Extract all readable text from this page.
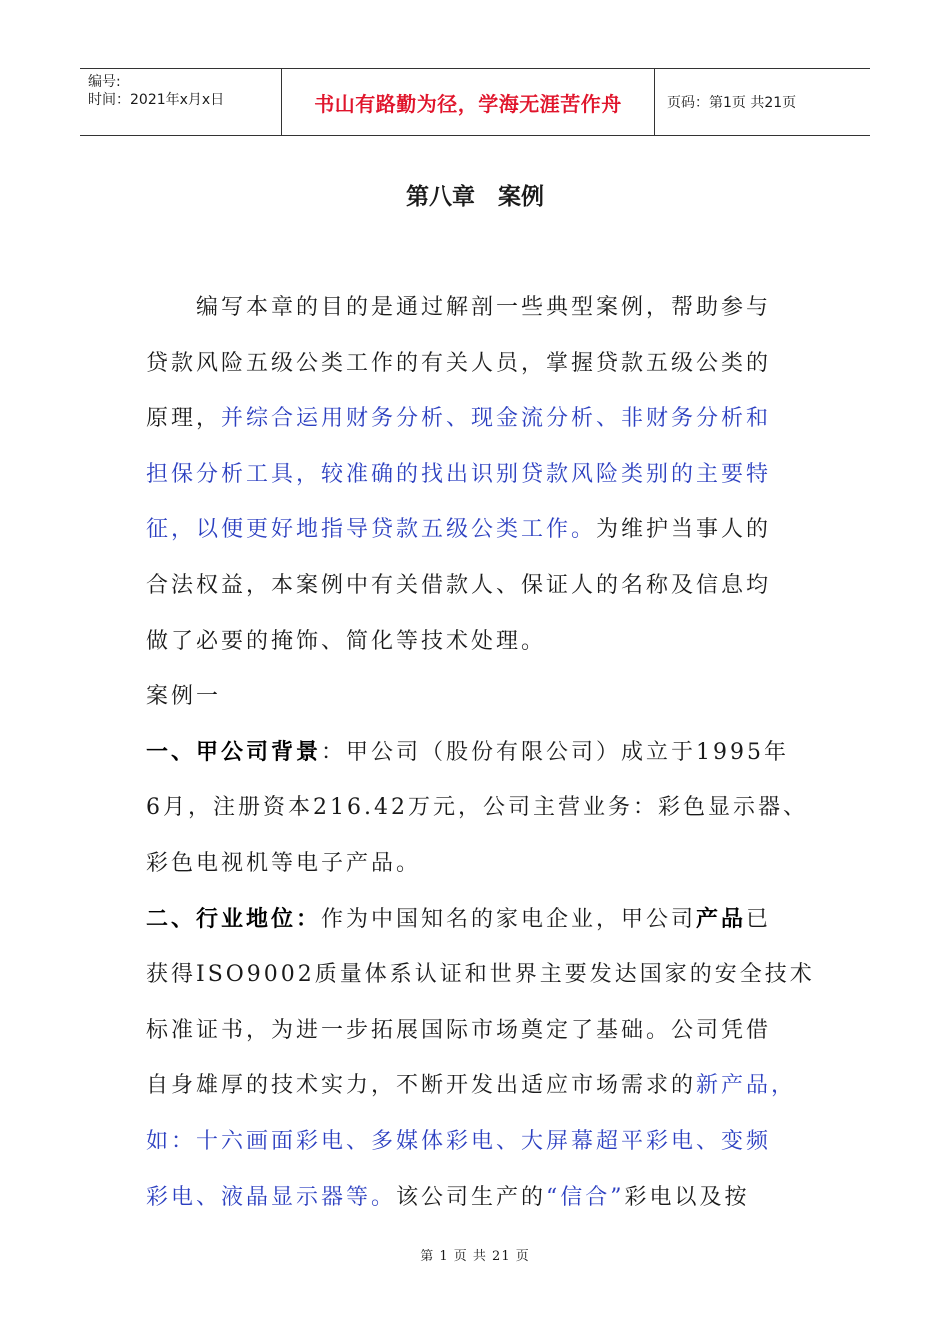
编号:
时间：2021年x月x日	书山有路勤为径，学海无涯苦作舟	页码：第1页 共21页
第八章　案例
　　编写本章的目的是通过解剖一些典型案例，帮助参与
贷款风险五级公类工作的有关人员，掌握贷款五级公类的
原理，并综合运用财务分析、现金流分析、非财务分析和
担保分析工具，较准确的找出识别贷款风险类别的主要特
征，以便更好地指导贷款五级公类工作。为维护当事人的
合法权益，本案例中有关借款人、保证人的名称及信息均
做了必要的掩饰、简化等技术处理。
案例一
一、甲公司背景：甲公司（股份有限公司）成立于1995年
6月，注册资本216.42万元，公司主营业务：彩色显示器、
彩色电视机等电子产品。
二、行业地位：作为中国知名的家电企业，甲公司产品已
获得ISO9002质量体系认证和世界主要发达国家的安全技术
标准证书，为进一步拓展国际市场奠定了基础。公司凭借
自身雄厚的技术实力，不断开发出适应市场需求的新产品，
如：十六画面彩电、多媒体彩电、大屏幕超平彩电、变频
彩电、液晶显示器等。该公司生产的“信合”彩电以及按
第 1 页 共 21 页
